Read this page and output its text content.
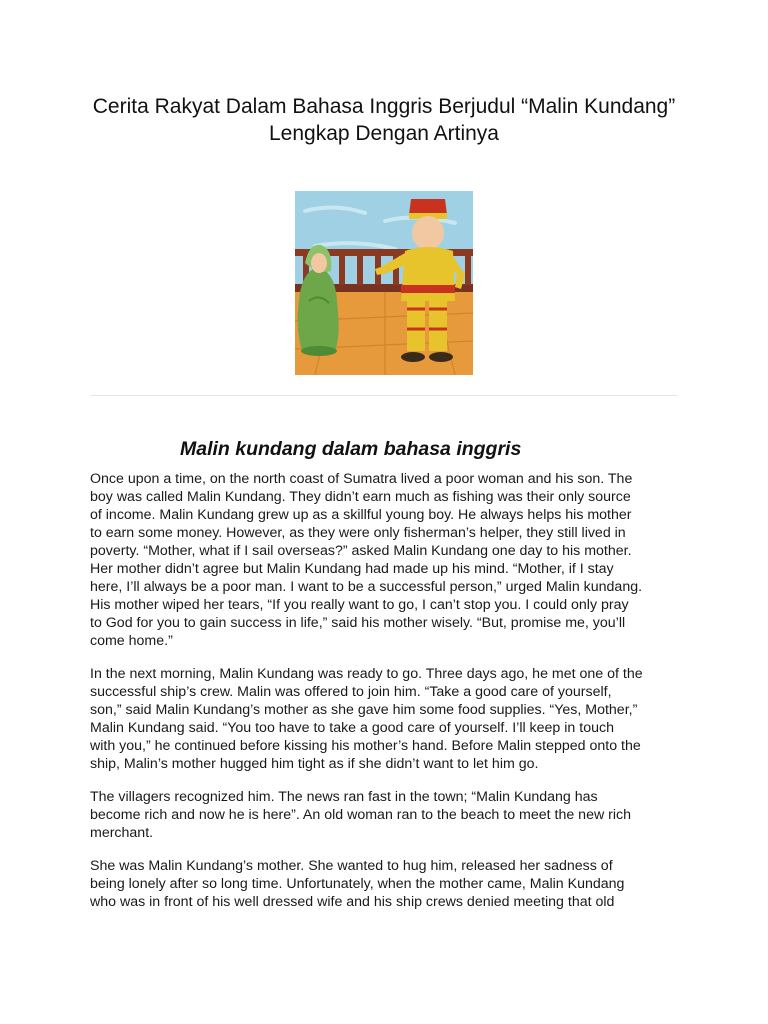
Cerita Rakyat Dalam Bahasa Inggris Berjudul “Malin Kundang” Lengkap Dengan Artinya
Malin kundang dalam bahasa inggris

Once upon a time, on the north coast of Sumatra lived a poor woman and his son. The
boy was called Malin Kundang. They didn’t earn much as fishing was their only source
of income. Malin Kundang grew up as a skillful young boy. He always helps his mother
to earn some money. However, as they were only fisherman’s helper, they still lived in
poverty. “Mother, what if I sail overseas?” asked Malin Kundang one day to his mother.
Her mother didn’t agree but Malin Kundang had made up his mind. “Mother, if I stay
here, I’ll always be a poor man. I want to be a successful person,” urged Malin kundang.
His mother wiped her tears, “If you really want to go, I can’t stop you. I could only pray
to God for you to gain success in life,” said his mother wisely. “But, promise me, you’ll
come home.”

In the next morning, Malin Kundang was ready to go. Three days ago, he met one of the
successful ship’s crew. Malin was offered to join him. “Take a good care of yourself,
son,” said Malin Kundang’s mother as she gave him some food supplies. “Yes, Mother,”
Malin Kundang said. “You too have to take a good care of yourself. I’ll keep in touch
with you,” he continued before kissing his mother’s hand. Before Malin stepped onto the
ship, Malin’s mother hugged him tight as if she didn’t want to let him go.

The villagers recognized him. The news ran fast in the town; “Malin Kundang has
become rich and now he is here”. An old woman ran to the beach to meet the new rich
merchant.

She was Malin Kundang’s mother. She wanted to hug him, released her sadness of
being lonely after so long time. Unfortunately, when the mother came, Malin Kundang
who was in front of his well dressed wife and his ship crews denied meeting that old
